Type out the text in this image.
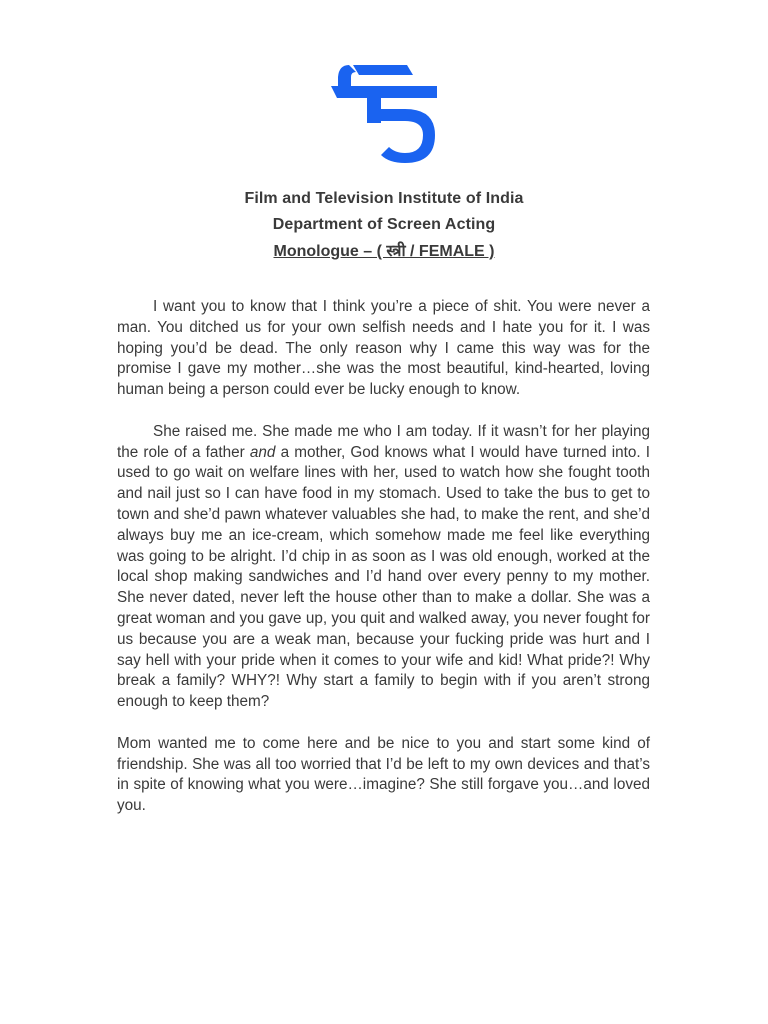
Film and Television Institute of India
Department of Screen Acting
Monologue – ( स्त्री / FEMALE )

I want you to know that I think you’re a piece of shit. You were never a man. You ditched us for your own selfish needs and I hate you for it. I was hoping you’d be dead. The only reason why I came this way was for the promise I gave my mother…she was the most beautiful, kind-hearted, loving human being a person could ever be lucky enough to know.

She raised me. She made me who I am today. If it wasn’t for her playing the role of a father and a mother, God knows what I would have turned into. I used to go wait on welfare lines with her, used to watch how she fought tooth and nail just so I can have food in my stomach. Used to take the bus to get to town and she’d pawn whatever valuables she had, to make the rent, and she’d always buy me an ice-cream, which somehow made me feel like everything was going to be alright. I’d chip in as soon as I was old enough, worked at the local shop making sandwiches and I’d hand over every penny to my mother. She never dated, never left the house other than to make a dollar. She was a great woman and you gave up, you quit and walked away, you never fought for us because you are a weak man, because your fucking pride was hurt and I say hell with your pride when it comes to your wife and kid! What pride?! Why break a family? WHY?! Why start a family to begin with if you aren’t strong enough to keep them?

Mom wanted me to come here and be nice to you and start some kind of friendship. She was all too worried that I’d be left to my own devices and that’s in spite of knowing what you were…imagine? She still forgave you…and loved you.
